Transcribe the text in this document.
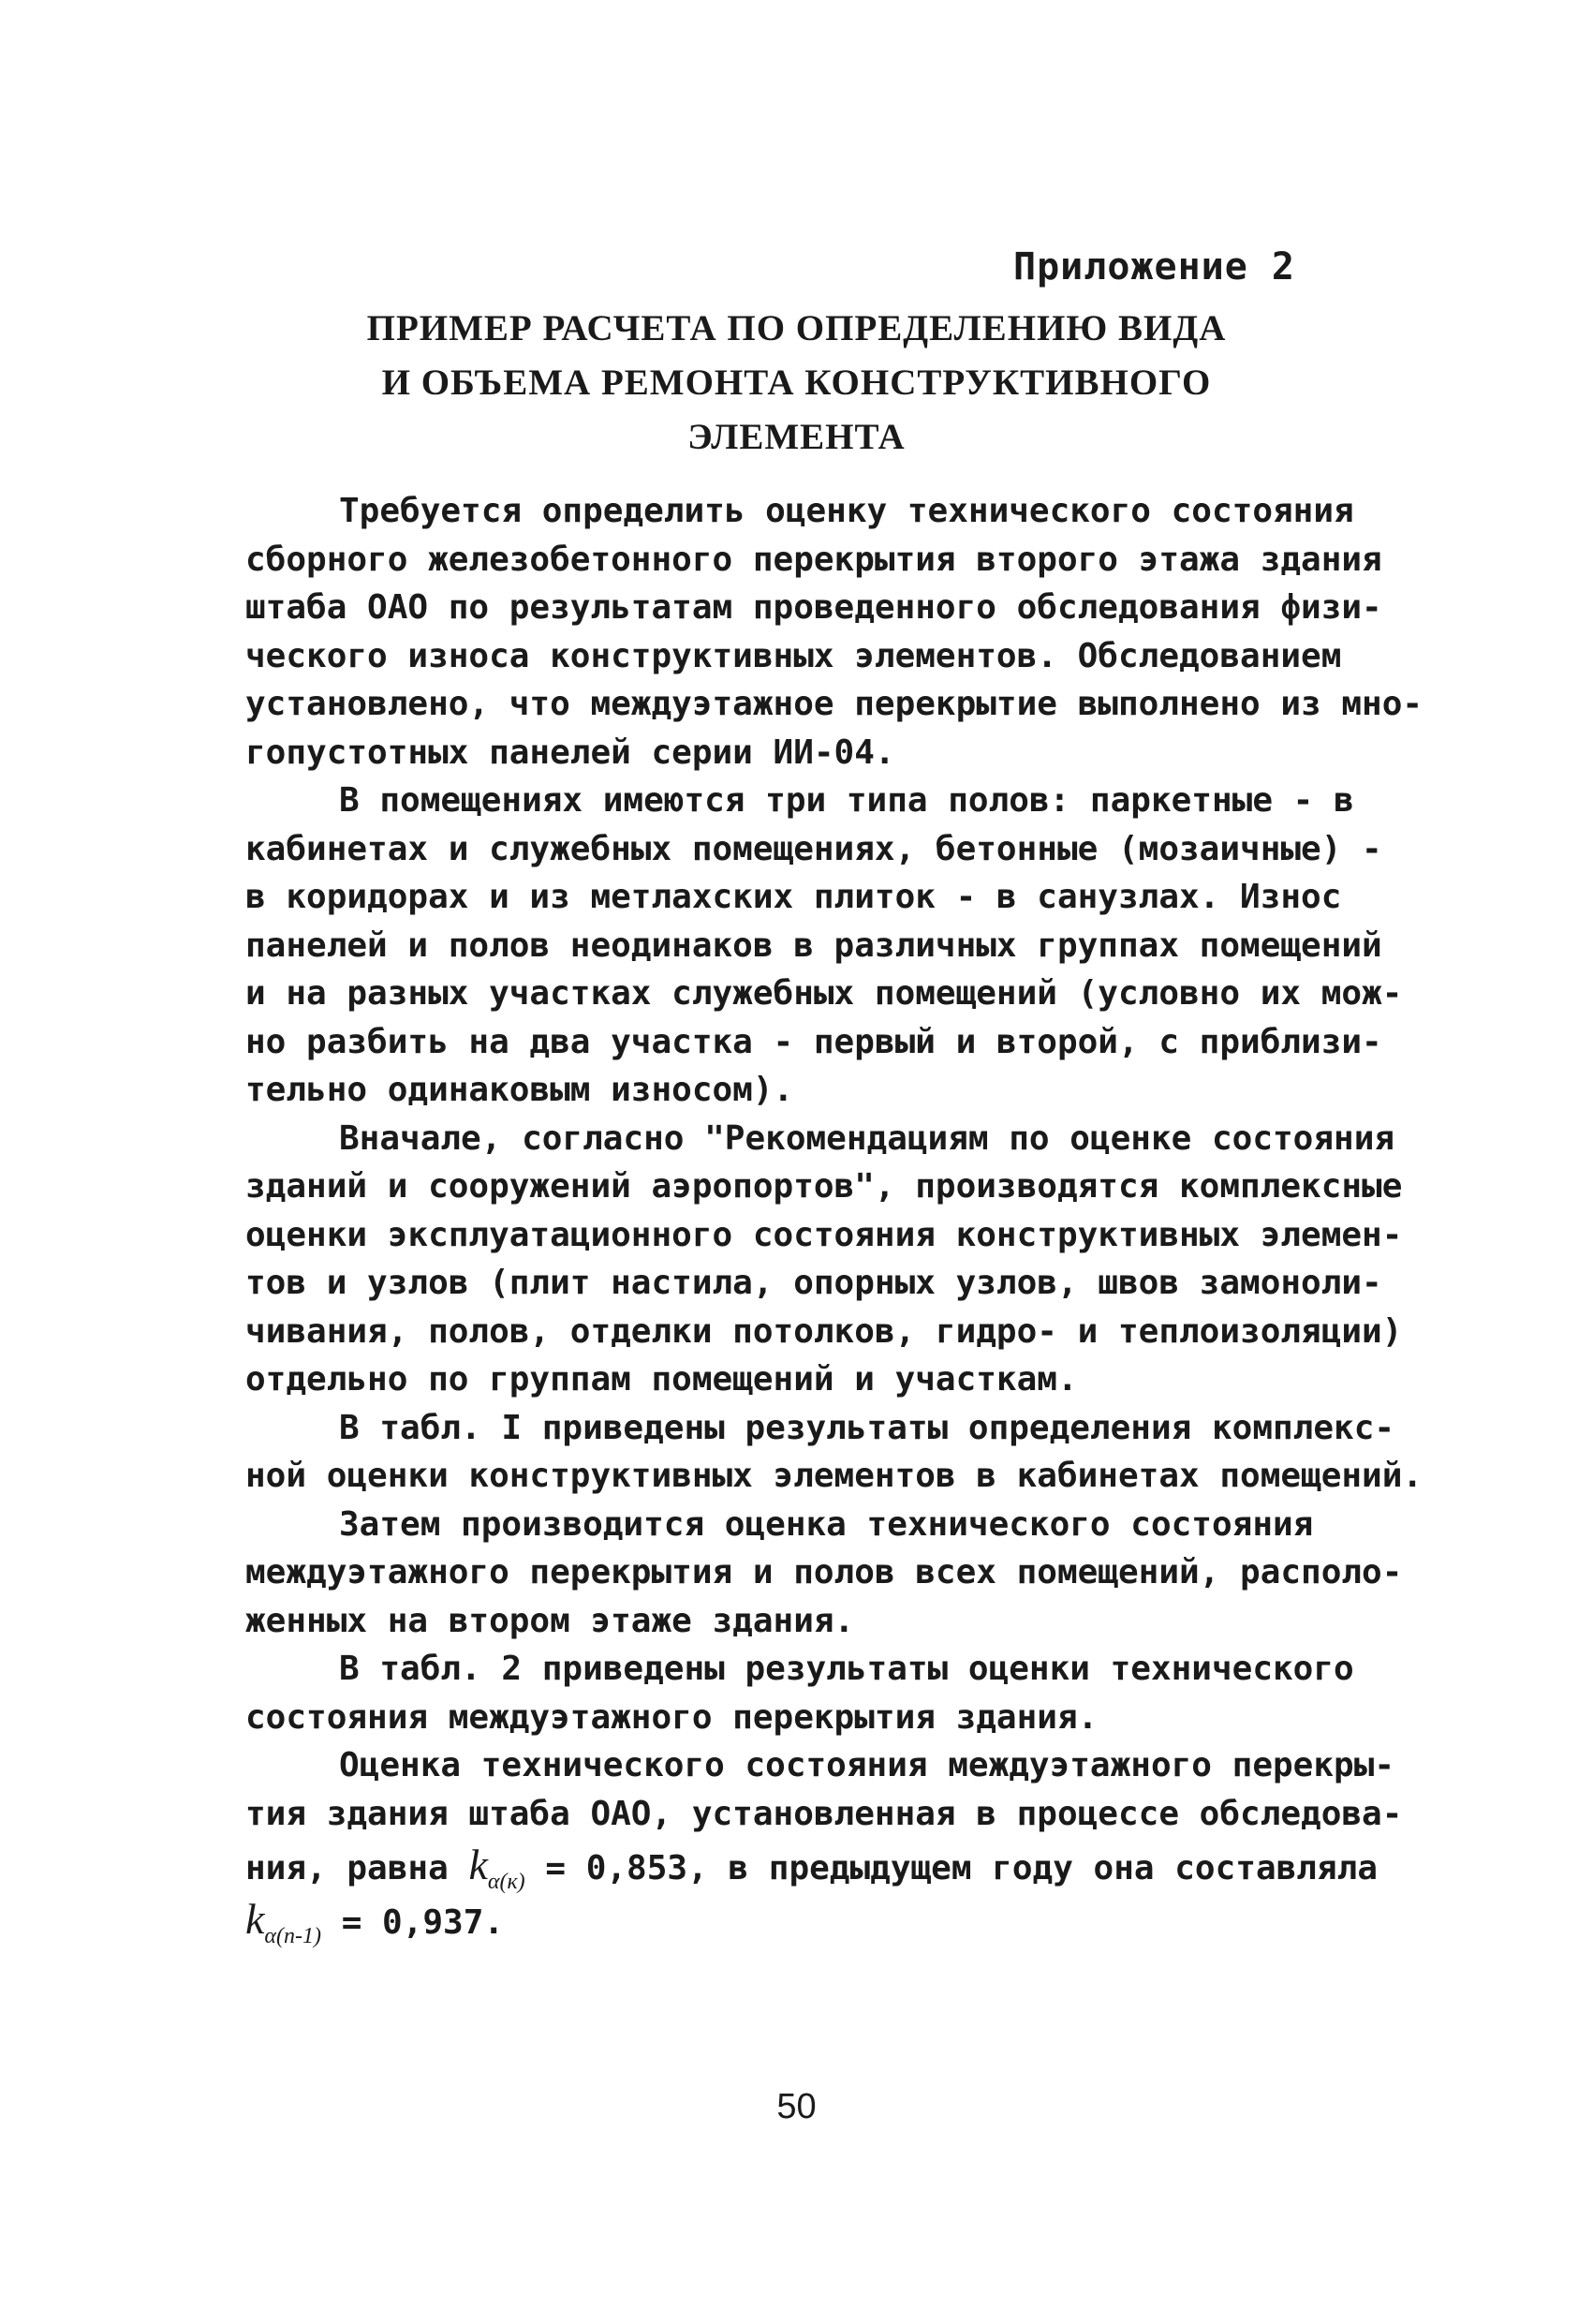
Приложение 2
ПРИМЕР РАСЧЕТА ПО ОПРЕДЕЛЕНИЮ ВИДА
И ОБЪЕМА РЕМОНТА КОНСТРУКТИВНОГО
ЭЛЕМЕНТА
Требуется определить оценку технического состояния
сборного железобетонного перекрытия второго этажа здания
штаба ОАО по результатам проведенного обследования физи-
ческого износа конструктивных элементов. Обследованием
установлено, что междуэтажное перекрытие выполнено из мно-
гопустотных панелей серии ИИ-04.
В помещениях имеются три типа полов: паркетные - в
кабинетах и служебных помещениях, бетонные (мозаичные) -
в коридорах и из метлахских плиток - в санузлах. Износ
панелей и полов неодинаков в различных группах помещений
и на разных участках служебных помещений (условно их мож-
но разбить на два участка - первый и второй, с приблизи-
тельно одинаковым износом).
Вначале, согласно "Рекомендациям по оценке состояния
зданий и сооружений аэропортов", производятся комплексные
оценки эксплуатационного состояния конструктивных элемен-
тов и узлов (плит настила, опорных узлов, швов замоноли-
чивания, полов, отделки потолков, гидро- и теплоизоляции)
отдельно по группам помещений и участкам.
В табл. I приведены результаты определения комплекс-
ной оценки конструктивных элементов в кабинетах помещений.
Затем производится оценка технического состояния
междуэтажного перекрытия и полов всех помещений, располо-
женных на втором этаже здания.
В табл. 2 приведены результаты оценки технического
состояния междуэтажного перекрытия здания.
Оценка технического состояния междуэтажного перекры-
тия здания штаба ОАО, установленная в процессе обследова-
ния, равна $k_{\alpha(к)} = 0,853$, в предыдущем году она составляла
$k_{\alpha(п-1)} = 0,937$.
50
